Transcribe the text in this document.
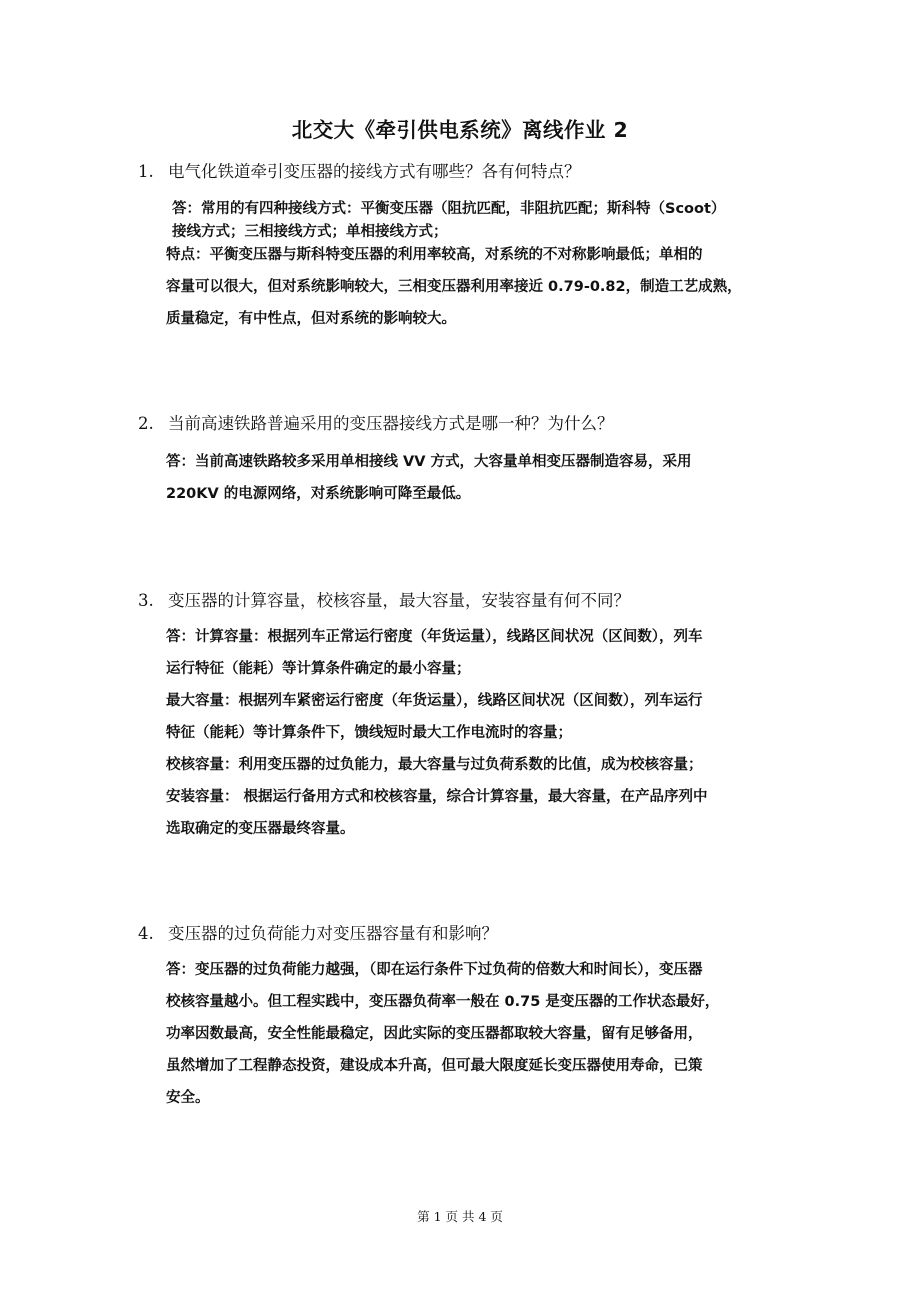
北交大《牵引供电系统》离线作业 2
1. 电气化铁道牵引变压器的接线方式有哪些？各有何特点？
答：常用的有四种接线方式：平衡变压器（阻抗匹配，非阻抗匹配；斯科特（Scoot）
接线方式；三相接线方式；单相接线方式；
特点：平衡变压器与斯科特变压器的利用率较高，对系统的不对称影响最低；单相的
容量可以很大，但对系统影响较大，三相变压器利用率接近 0.79-0.82，制造工艺成熟，
质量稳定，有中性点，但对系统的影响较大。
2. 当前高速铁路普遍采用的变压器接线方式是哪一种？为什么？
答：当前高速铁路较多采用单相接线 VV 方式，大容量单相变压器制造容易，采用
220KV 的电源网络，对系统影响可降至最低。
3. 变压器的计算容量，校核容量，最大容量，安装容量有何不同？
答：计算容量：根据列车正常运行密度（年货运量），线路区间状况（区间数），列车
运行特征（能耗）等计算条件确定的最小容量；
最大容量：根据列车紧密运行密度（年货运量），线路区间状况（区间数），列车运行
特征（能耗）等计算条件下，馈线短时最大工作电流时的容量；
校核容量：利用变压器的过负能力，最大容量与过负荷系数的比值，成为校核容量；
安装容量： 根据运行备用方式和校核容量，综合计算容量，最大容量，在产品序列中
选取确定的变压器最终容量。
4. 变压器的过负荷能力对变压器容量有和影响？
答：变压器的过负荷能力越强，（即在运行条件下过负荷的倍数大和时间长），变压器
校核容量越小。但工程实践中，变压器负荷率一般在 0.75 是变压器的工作状态最好，
功率因数最高，安全性能最稳定，因此实际的变压器都取较大容量，留有足够备用，
虽然增加了工程静态投资，建设成本升高，但可最大限度延长变压器使用寿命，已策
安全。
第 1 页 共 4 页
